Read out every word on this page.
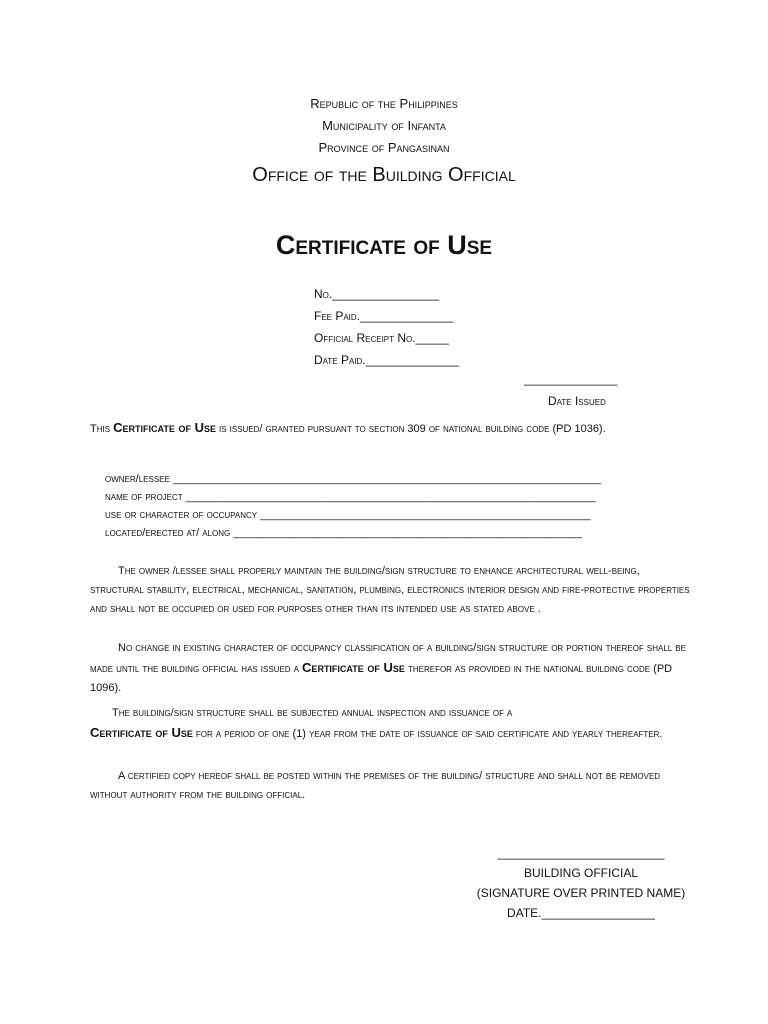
Republic of the Philippines
Municipality of Infanta
Province of Pangasinan
Office of the Building Official
Certificate of Use
No.________________
Fee Paid.______________
Official Receipt No._____
Date Paid.______________
______________
Date Issued
This Certificate of Use is issued/ granted pursuant to section 309 of national building code (PD 1036).
owner/lessee ______________________________________________________________________
name of project ___________________________________________________________________
use or character of occupancy ______________________________________________________
located/erected at/ along _________________________________________________________
The owner /lessee shall properly maintain the building/sign structure to enhance architectural well-being, structural stability, electrical, mechanical, sanitation, plumbing, electronics interior design and fire-protective properties and shall not be occupied or used for purposes other than its intended use as stated above .
No change in existing character of occupancy classification of a building/sign structure or portion thereof shall be made until the building official has issued a Certificate of Use therefor as provided in the national building code (PD 1096).
The building/sign structure shall be subjected annual inspection and issuance of a
Certificate of Use for a period of one (1) year from the date of issuance of said certificate and yearly thereafter.
A certified copy hereof shall be posted within the premises of the building/ structure and shall not be removed without authority from the building official.
_________________________
BUILDING OFFICIAL
(SIGNATURE OVER PRINTED NAME)
DATE._________________
